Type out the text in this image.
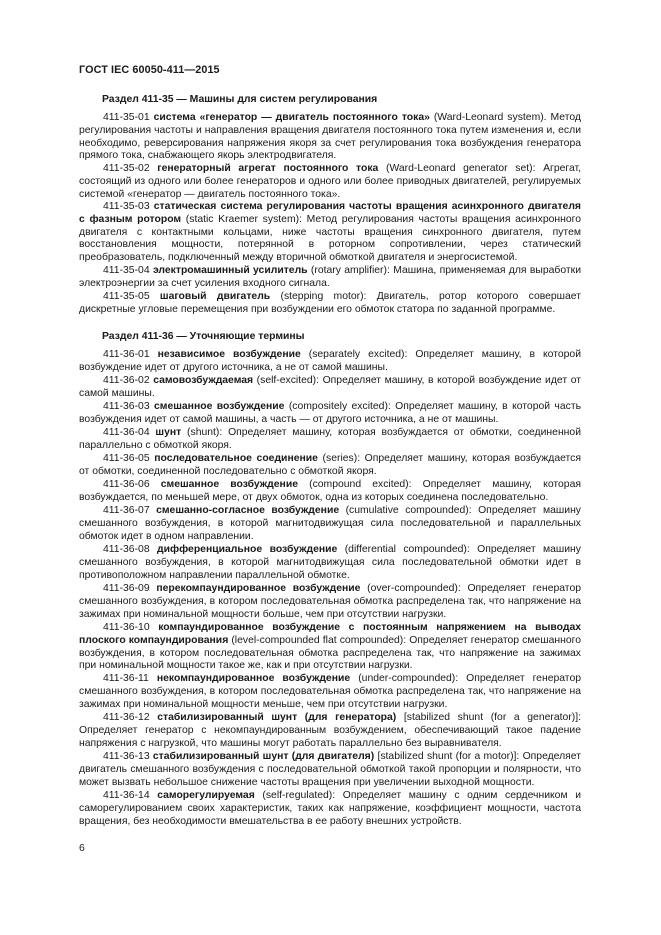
ГОСТ IEC 60050-411—2015
Раздел 411-35 — Машины для систем регулирования
411-35-01 система «генератор — двигатель постоянного тока» (Ward-Leonard system). Метод регулирования частоты и направления вращения двигателя постоянного тока путем изменения и, если необходимо, реверсирования напряжения якоря за счет регулирования тока возбуждения генератора прямого тока, снабжающего якорь электродвигателя.
411-35-02 генераторный агрегат постоянного тока (Ward-Leonard generator set): Агрегат, состоящий из одного или более генераторов и одного или более приводных двигателей, регулируемых системой «генератор — двигатель постоянного тока».
411-35-03 статическая система регулирования частоты вращения асинхронного двигателя с фазным ротором (static Kraemer system): Метод регулирования частоты вращения асинхронного двигателя с контактными кольцами, ниже частоты вращения синхронного двигателя, путем восстановления мощности, потерянной в роторном сопротивлении, через статический преобразователь, подключенный между вторичной обмоткой двигателя и энергосистемой.
411-35-04 электромашинный усилитель (rotary amplifier): Машина, применяемая для выработки электроэнергии за счет усиления входного сигнала.
411-35-05 шаговый двигатель (stepping motor): Двигатель, ротор которого совершает дискретные угловые перемещения при возбуждении его обмоток статора по заданной программе.
Раздел 411-36 — Уточняющие термины
411-36-01 независимое возбуждение (separately excited): Определяет машину, в которой возбуждение идет от другого источника, а не от самой машины.
411-36-02 самовозбуждаемая (self-excited): Определяет машину, в которой возбуждение идет от самой машины.
411-36-03 смешанное возбуждение (compositely excited): Определяет машину, в которой часть возбуждения идет от самой машины, а часть — от другого источника, а не от машины.
411-36-04 шунт (shunt): Определяет машину, которая возбуждается от обмотки, соединенной параллельно с обмоткой якоря.
411-36-05 последовательное соединение (series): Определяет машину, которая возбуждается от обмотки, соединенной последовательно с обмоткой якоря.
411-36-06 смешанное возбуждение (compound excited): Определяет машину, которая возбуждается, по меньшей мере, от двух обмоток, одна из которых соединена последовательно.
411-36-07 смешанно-согласное возбуждение (cumulative compounded): Определяет машину смешанного возбуждения, в которой магнитодвижущая сила последовательной и параллельных обмоток идет в одном направлении.
411-36-08 дифференциальное возбуждение (differential compounded): Определяет машину смешанного возбуждения, в которой магнитодвижущая сила последовательной обмотки идет в противоположном направлении параллельной обмотке.
411-36-09 перекомпаундированное возбуждение (over-compounded): Определяет генератор смешанного возбуждения, в котором последовательная обмотка распределена так, что напряжение на зажимах при номинальной мощности больше, чем при отсутствии нагрузки.
411-36-10 компаундированное возбуждение с постоянным напряжением на выводах плоского компаундирования (level-compounded flat compounded): Определяет генератор смешанного возбуждения, в котором последовательная обмотка распределена так, что напряжение на зажимах при номинальной мощности такое же, как и при отсутствии нагрузки.
411-36-11 некомпаундированное возбуждение (under-compounded): Определяет генератор смешанного возбуждения, в котором последовательная обмотка распределена так, что напряжение на зажимах при номинальной мощности меньше, чем при отсутствии нагрузки.
411-36-12 стабилизированный шунт (для генератора) [stabilized shunt (for a generator)]: Определяет генератор с некомпаундированным возбуждением, обеспечивающий такое падение напряжения с нагрузкой, что машины могут работать параллельно без выравнивателя.
411-36-13 стабилизированный шунт (для двигателя) [stabilized shunt (for a motor)]: Определяет двигатель смешанного возбуждения с последовательной обмоткой такой пропорции и полярности, что может вызвать небольшое снижение частоты вращения при увеличении выходной мощности.
411-36-14 саморегулируемая (self-regulated): Определяет машину с одним сердечником и саморегулированием своих характеристик, таких как напряжение, коэффициент мощности, частота вращения, без необходимости вмешательства в ее работу внешних устройств.
6
